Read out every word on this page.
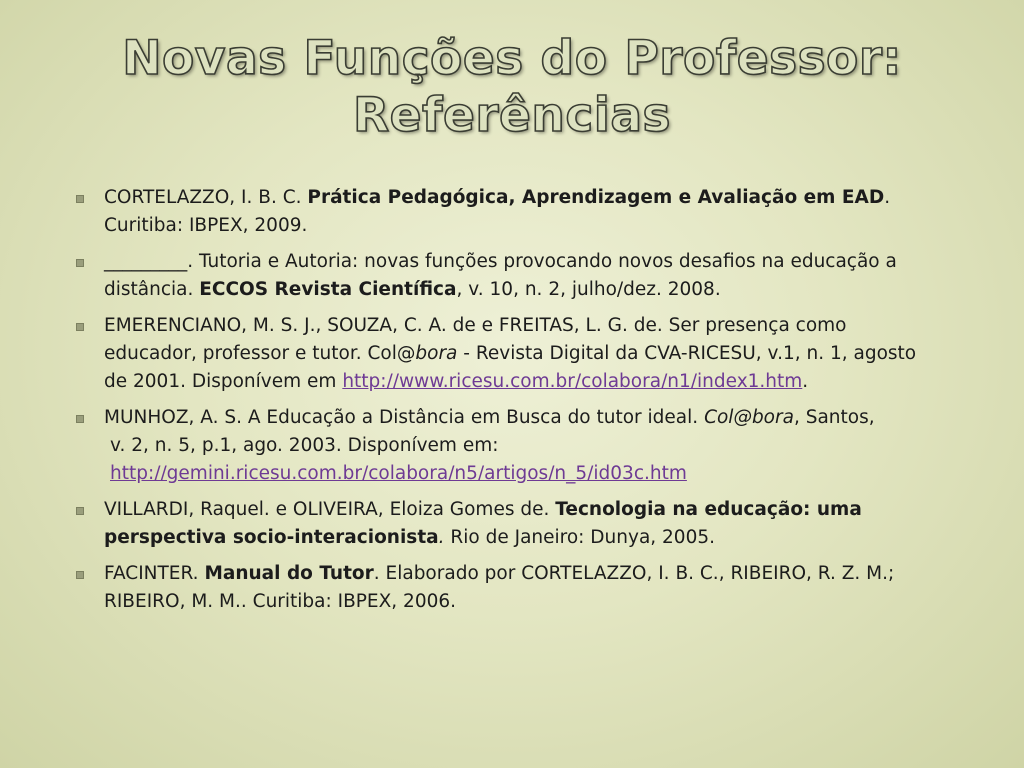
Novas Funções do Professor:
Referências
CORTELAZZO, I. B. C. Prática Pedagógica, Aprendizagem e Avaliação em EAD. Curitiba: IBPEX, 2009.
_________. Tutoria e Autoria: novas funções provocando novos desafios na educação a distância. ECCOS Revista Científica, v. 10, n. 2, julho/dez. 2008.
EMERENCIANO, M. S. J., SOUZA, C. A. de e FREITAS, L. G. de. Ser presença como educador, professor e tutor. Col@bora - Revista Digital da CVA-RICESU, v.1, n. 1, agosto de 2001. Disponívem em http://www.ricesu.com.br/colabora/n1/index1.htm.
MUNHOZ, A. S. A Educação a Distância em Busca do tutor ideal. Col@bora, Santos,
v. 2, n. 5, p.1, ago. 2003. Disponívem em:
http://gemini.ricesu.com.br/colabora/n5/artigos/n_5/id03c.htm
VILLARDI, Raquel. e OLIVEIRA, Eloiza Gomes de. Tecnologia na educação: uma perspectiva socio-interacionista. Rio de Janeiro: Dunya, 2005.
FACINTER. Manual do Tutor. Elaborado por CORTELAZZO, I. B. C., RIBEIRO, R. Z. M.; RIBEIRO, M. M.. Curitiba: IBPEX, 2006.
